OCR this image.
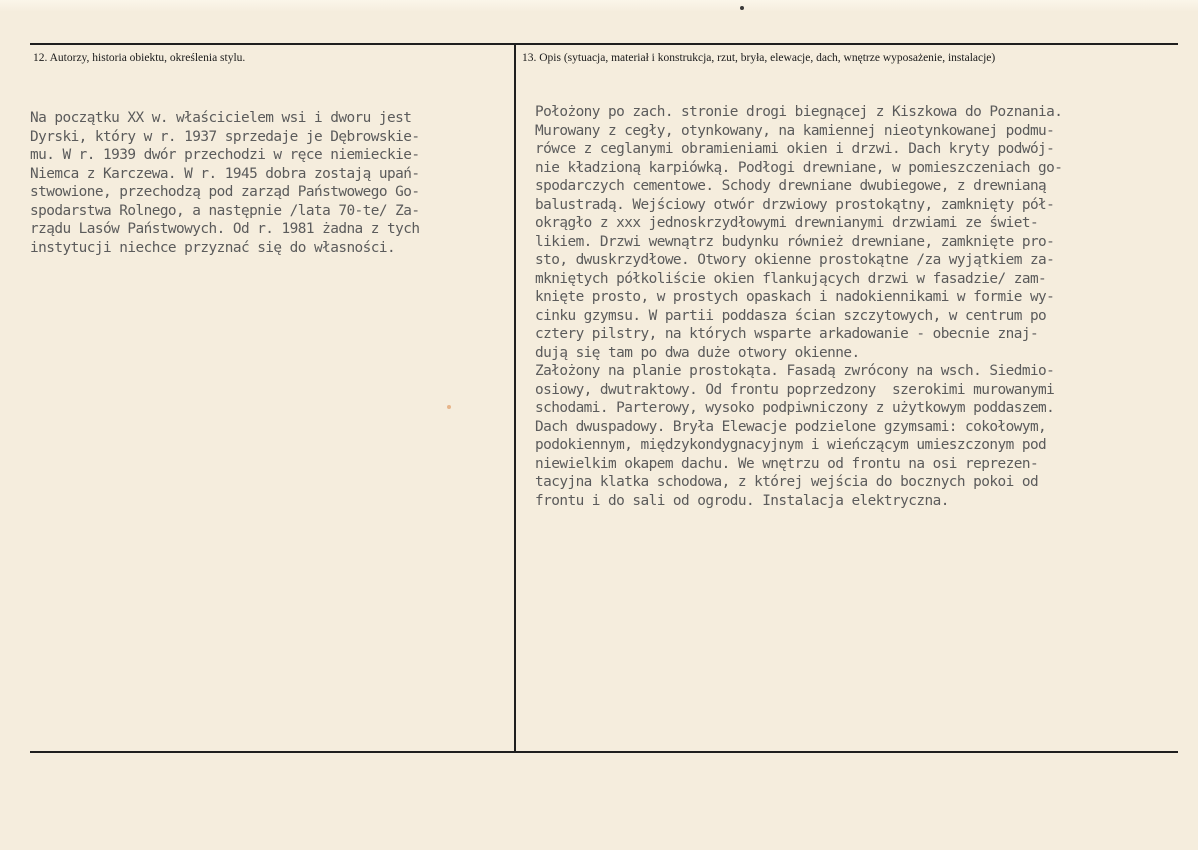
12. Autorzy, historia obiektu, określenia stylu.	13. Opis (sytuacja, materiał i konstrukcja, rzut, bryła, elewacje, dach, wnętrze wyposażenie, instalacje)
Na początku XX w. właścicielem wsi i dworu jest
Dyrski, który w r. 1937 sprzedaje je Dębrowskie-
mu. W r. 1939 dwór przechodzi w ręce niemieckie-
Niemca z Karczewa. W r. 1945 dobra zostają upań-
stwowione, przechodzą pod zarząd Państwowego Go-
spodarstwa Rolnego, a następnie /lata 70-te/ Za-
rządu Lasów Państwowych. Od r. 1981 żadna z tych
instytucji niechce przyznać się do własności.
Położony po zach. stronie drogi biegnącej z Kiszkowa do Poznania.
Murowany z cegły, otynkowany, na kamiennej nieotynkowanej podmu-
rówce z ceglanymi obramieniami okien i drzwi. Dach kryty podwój-
nie kładzioną karpiówką. Podłogi drewniane, w pomieszczeniach go-
spodarczych cementowe. Schody drewniane dwubiegowe, z drewnianą
balustradą. Wejściowy otwór drzwiowy prostokątny, zamknięty pół-
okrągło z xxx jednoskrzydłowymi drewnianymi drzwiami ze świet-
likiem. Drzwi wewnątrz budynku również drewniane, zamknięte pro-
sto, dwuskrzydłowe. Otwory okienne prostokątne /za wyjątkiem za-
mkniętych półkoliście okien flankujących drzwi w fasadzie/ zam-
knięte prosto, w prostych opaskach i nadokiennikami w formie wy-
cinku gzymsu. W partii poddasza ścian szczytowych, w centrum po
cztery pilstry, na których wsparte arkadowanie - obecnie znaj-
dują się tam po dwa duże otwory okienne.
Założony na planie prostokąta. Fasadą zwrócony na wsch. Siedmio-
osiowy, dwutraktowy. Od frontu poprzedzony  szerokimi murowanymi
schodami. Parterowy, wysoko podpiwniczony z użytkowym poddaszem.
Dach dwuspadowy. Bryła Elewacje podzielone gzymsami: cokołowym,
podokiennym, międzykondygnacyjnym i wieńczącym umieszczonym pod
niewielkim okapem dachu. We wnętrzu od frontu na osi reprezen-
tacyjna klatka schodowa, z której wejścia do bocznych pokoi od
frontu i do sali od ogrodu. Instalacja elektryczna.
